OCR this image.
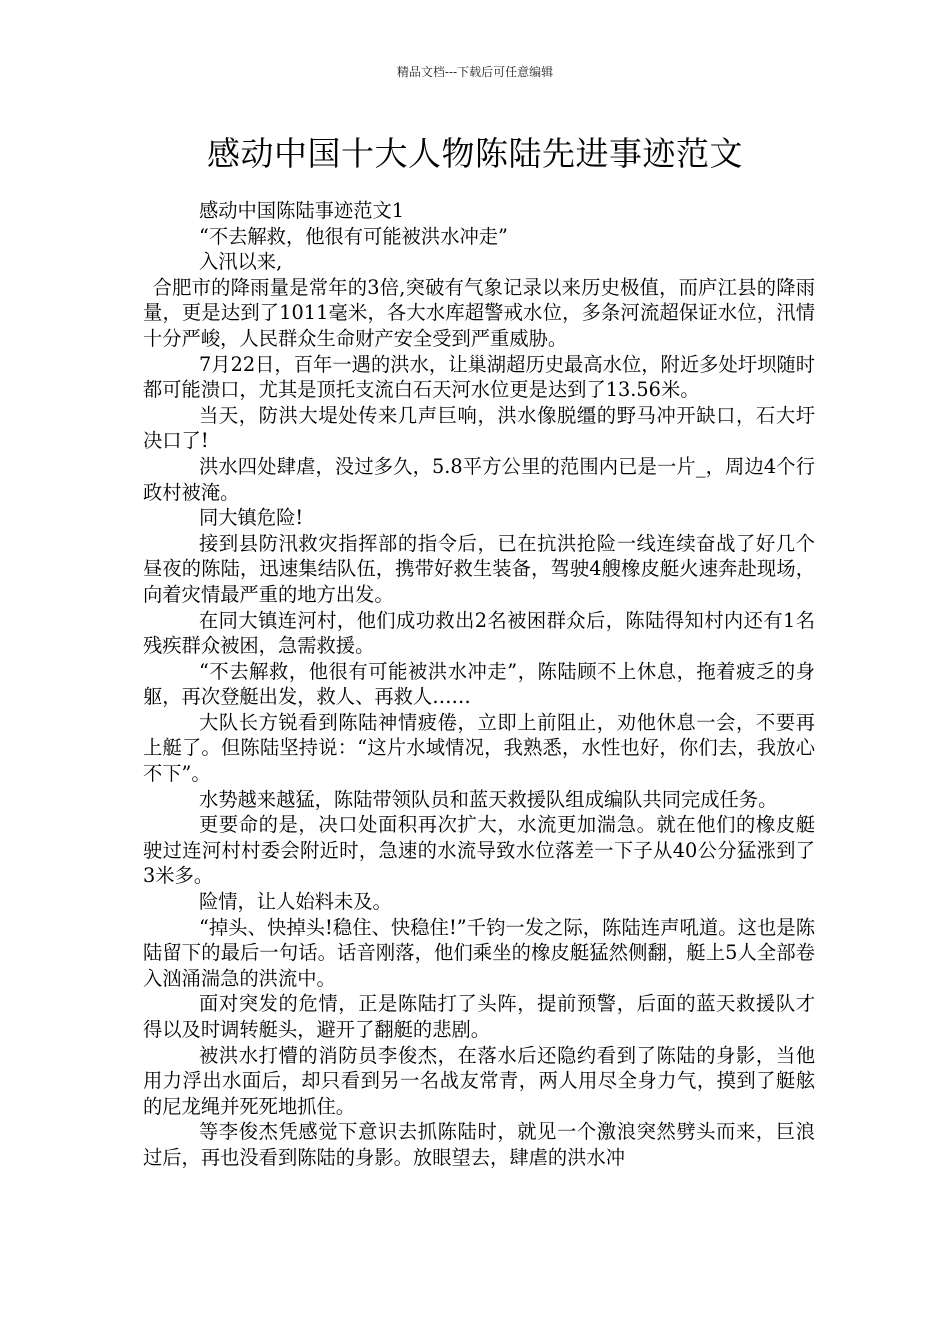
精品文档---下载后可任意编辑
感动中国十大人物陈陆先进事迹范文

感动中国陈陆事迹范文1

“不去解救，他很有可能被洪水冲走”

入汛以来,

合肥市的降雨量是常年的3倍,突破有气象记录以来历史极值，而庐江县的降雨量，更是达到了1011毫米，各大水库超警戒水位，多条河流超保证水位，汛情十分严峻，人民群众生命财产安全受到严重威胁。

7月22日，百年一遇的洪水，让巢湖超历史最高水位，附近多处圩坝随时都可能溃口，尤其是顶托支流白石天河水位更是达到了13.56米。

当天，防洪大堤处传来几声巨响，洪水像脱缰的野马冲开缺口，石大圩决口了!

洪水四处肆虐，没过多久，5.8平方公里的范围内已是一片_，周边4个行政村被淹。

同大镇危险!

接到县防汛救灾指挥部的指令后，已在抗洪抢险一线连续奋战了好几个昼夜的陈陆，迅速集结队伍，携带好救生装备，驾驶4艘橡皮艇火速奔赴现场，向着灾情最严重的地方出发。

在同大镇连河村，他们成功救出2名被困群众后，陈陆得知村内还有1名残疾群众被困，急需救援。

“不去解救，他很有可能被洪水冲走”，陈陆顾不上休息，拖着疲乏的身躯，再次登艇出发，救人、再救人……

大队长方锐看到陈陆神情疲倦，立即上前阻止，劝他休息一会，不要再上艇了。但陈陆坚持说：“这片水域情况，我熟悉，水性也好，你们去，我放心不下”。

水势越来越猛，陈陆带领队员和蓝天救援队组成编队共同完成任务。

更要命的是，决口处面积再次扩大，水流更加湍急。就在他们的橡皮艇驶过连河村村委会附近时，急速的水流导致水位落差一下子从40公分猛涨到了3米多。

险情，让人始料未及。

“掉头、快掉头!稳住、快稳住!”千钧一发之际，陈陆连声吼道。这也是陈陆留下的最后一句话。话音刚落，他们乘坐的橡皮艇猛然侧翻，艇上5人全部卷入汹涌湍急的洪流中。

面对突发的危情，正是陈陆打了头阵，提前预警，后面的蓝天救援队才得以及时调转艇头，避开了翻艇的悲剧。

被洪水打懵的消防员李俊杰，在落水后还隐约看到了陈陆的身影，当他用力浮出水面后，却只看到另一名战友常青，两人用尽全身力气，摸到了艇舷的尼龙绳并死死地抓住。

等李俊杰凭感觉下意识去抓陈陆时，就见一个激浪突然劈头而来，巨浪过后，再也没看到陈陆的身影。放眼望去，肆虐的洪水冲
